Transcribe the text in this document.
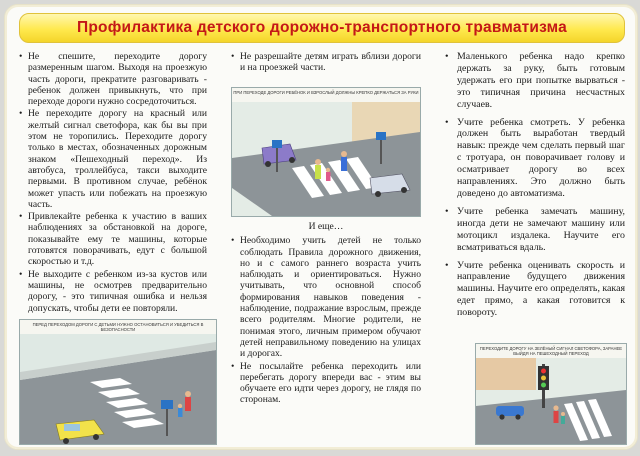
Профилактика детского дорожно-транспортного травматизма
• Не спешите, переходите дорогу размеренным шагом. Выходя на проезжую часть дороги, прекратите разговаривать - ребенок должен привыкнуть, что при переходе дороги нужно сосредоточиться.
• Не переходите дорогу на красный или желтый сигнал светофора, как бы вы при этом не торопились. Переходите дорогу только в местах, обозначенных дорожным знаком «Пешеходный переход». Из автобуса, троллейбуса, такси выходите первыми. В противном случае, ребёнок может упасть или побежать на проезжую часть.
• Привлекайте ребенка к участию в ваших наблюдениях за обстановкой на дороге, показывайте ему те машины, которые готовятся поворачивать, едут с большой скоростью и т.д.
• Не выходите с ребенком из-за кустов или машины, не осмотрев предварительно дорогу, - это типичная ошибка и нельзя допускать, чтобы дети ее повторяли.
ПЕРЕД ПЕРЕХОДОМ ДОРОГИ С ДЕТЬМИ НУЖНО ОСТАНОВИТЬСЯ И УБЕДИТЬСЯ В БЕЗОПАСНОСТИ
• Не разрешайте детям играть вблизи дороги и на проезжей части.
ПРИ ПЕРЕХОДЕ ДОРОГИ РЕБЁНОК И ВЗРОСЛЫЙ ДОЛЖНЫ КРЕПКО ДЕРЖАТЬСЯ ЗА РУКИ
И еще…
• Необходимо учить детей не только соблюдать Правила дорожного движения, но и с самого раннего возраста учить наблюдать и ориентироваться. Нужно учитывать, что основной способ формирования навыков поведения - наблюдение, подражание взрослым, прежде всего родителям. Многие родители, не понимая этого, личным примером обучают детей неправильному поведению на улицах и дорогах.
• Не посылайте ребенка переходить или перебегать дорогу впереди вас - этим вы обучаете его идти через дорогу, не глядя по сторонам.
• Маленького ребенка надо крепко держать за руку, быть готовым удержать его при попытке вырваться - это типичная причина несчастных случаев.
• Учите ребенка смотреть. У ребенка должен быть выработан твердый навык: прежде чем сделать первый шаг с тротуара, он поворачивает голову и осматривает дорогу во всех направлениях. Это должно быть доведено до автоматизма.
• Учите ребенка замечать машину, иногда дети не замечают машину или мотоцикл издалека. Научите его всматриваться вдаль.
• Учите ребенка оценивать скорость и направление будущего движения машины. Научите его определять, какая едет прямо, а какая готовится к повороту.
ПЕРЕХОДИТЕ ДОРОГУ НА ЗЕЛЁНЫЙ СИГНАЛ СВЕТОФОРА, ЗАРАНЕЕ ВЫЙДЯ НА ПЕШЕХОДНЫЙ ПЕРЕХОД
